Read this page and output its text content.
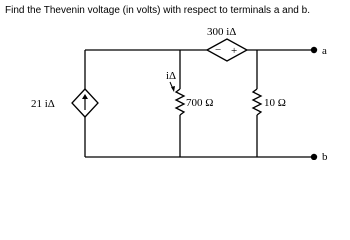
Find the Thevenin voltage (in volts) with respect to terminals a and b.
21 iΔ
− +
300 iΔ
iΔ
700 Ω	10 Ω
a
b
